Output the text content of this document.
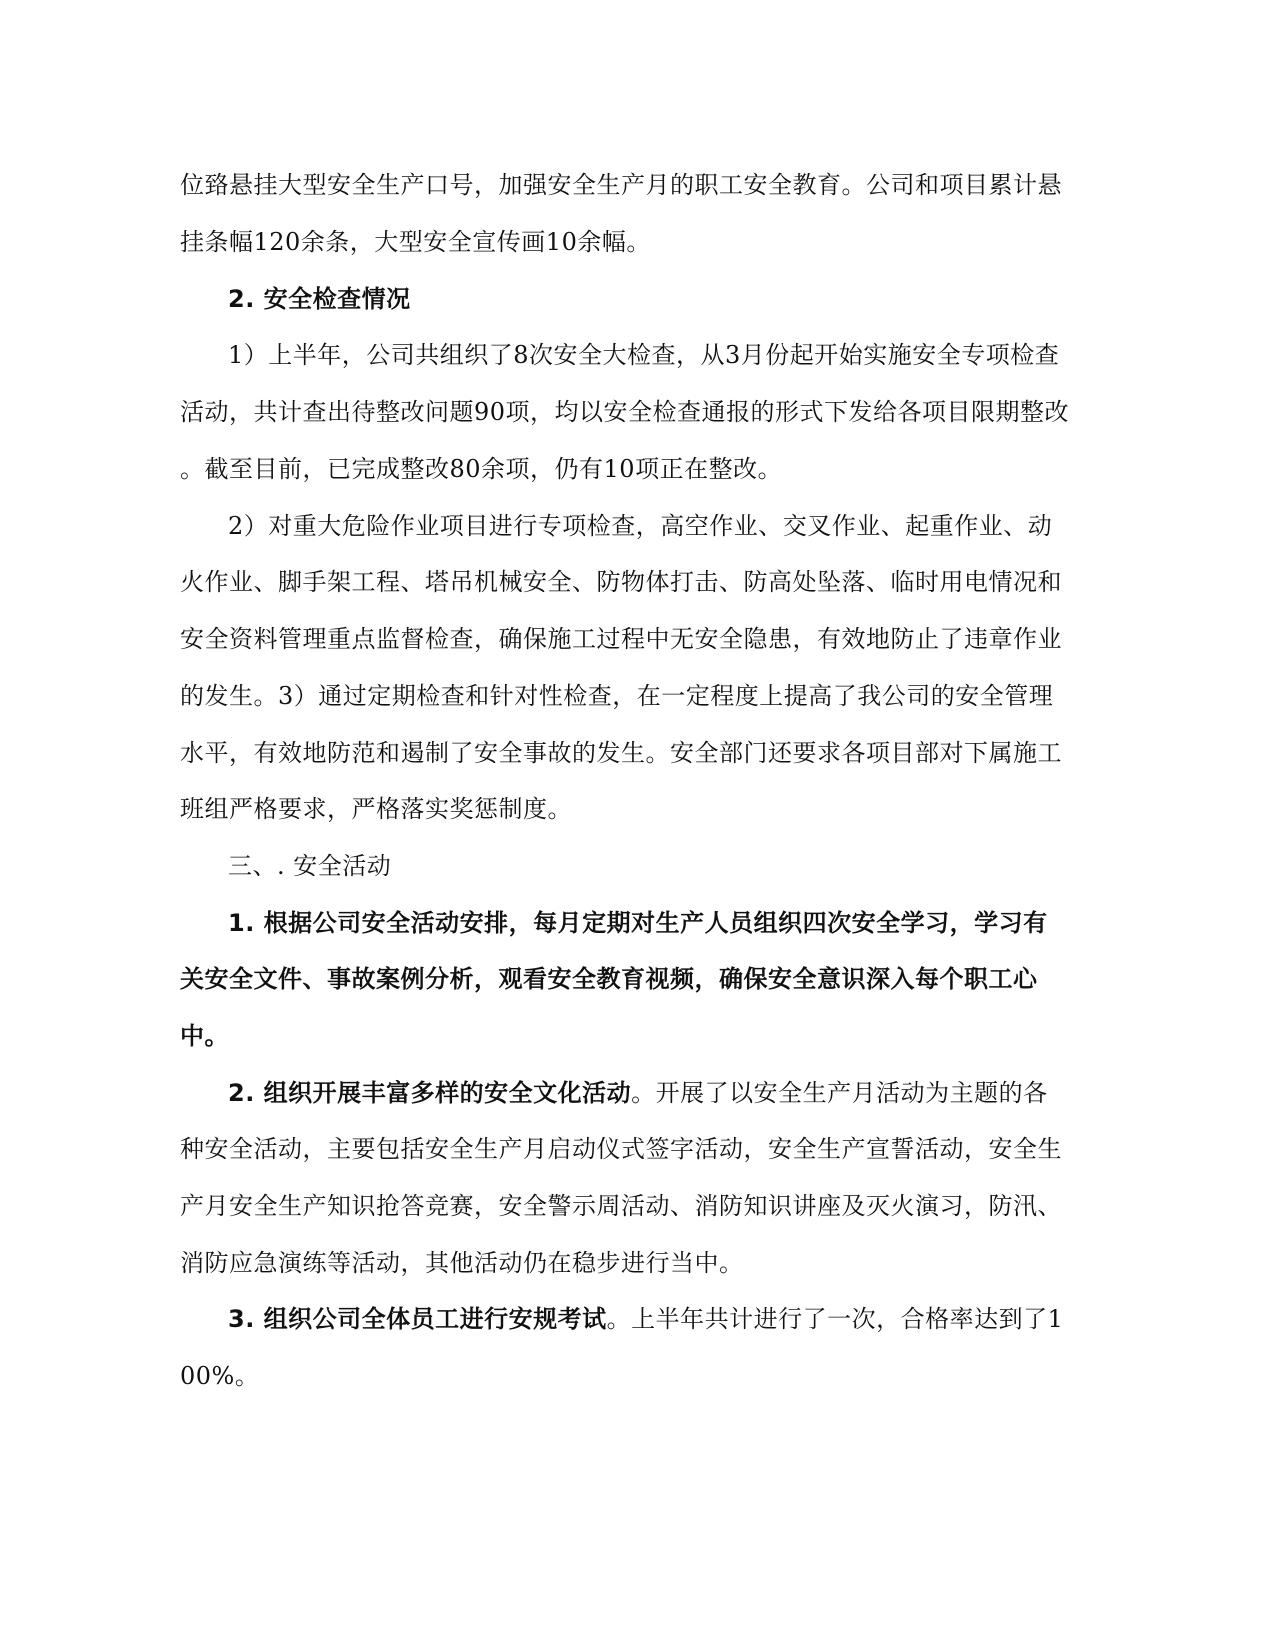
位臵悬挂大型安全生产口号，加强安全生产月的职工安全教育。公司和项目累计悬
挂条幅120余条，大型安全宣传画10余幅。
2. 安全检查情况
1）上半年，公司共组织了8次安全大检查，从3月份起开始实施安全专项检查
活动，共计查出待整改问题90项，均以安全检查通报的形式下发给各项目限期整改
。截至目前，已完成整改80余项，仍有10项正在整改。
2）对重大危险作业项目进行专项检查，高空作业、交叉作业、起重作业、动
火作业、脚手架工程、塔吊机械安全、防物体打击、防高处坠落、临时用电情况和
安全资料管理重点监督检查，确保施工过程中无安全隐患，有效地防止了违章作业
的发生。3）通过定期检查和针对性检查，在一定程度上提高了我公司的安全管理
水平，有效地防范和遏制了安全事故的发生。安全部门还要求各项目部对下属施工
班组严格要求，严格落实奖惩制度。
三、. 安全活动
1. 根据公司安全活动安排，每月定期对生产人员组织四次安全学习，学习有
关安全文件、事故案例分析，观看安全教育视频，确保安全意识深入每个职工心
中。
2. 组织开展丰富多样的安全文化活动。开展了以安全生产月活动为主题的各
种安全活动，主要包括安全生产月启动仪式签字活动，安全生产宣誓活动，安全生
产月安全生产知识抢答竞赛，安全警示周活动、消防知识讲座及灭火演习，防汛、
消防应急演练等活动，其他活动仍在稳步进行当中。
3. 组织公司全体员工进行安规考试。上半年共计进行了一次，合格率达到了1
00%。
